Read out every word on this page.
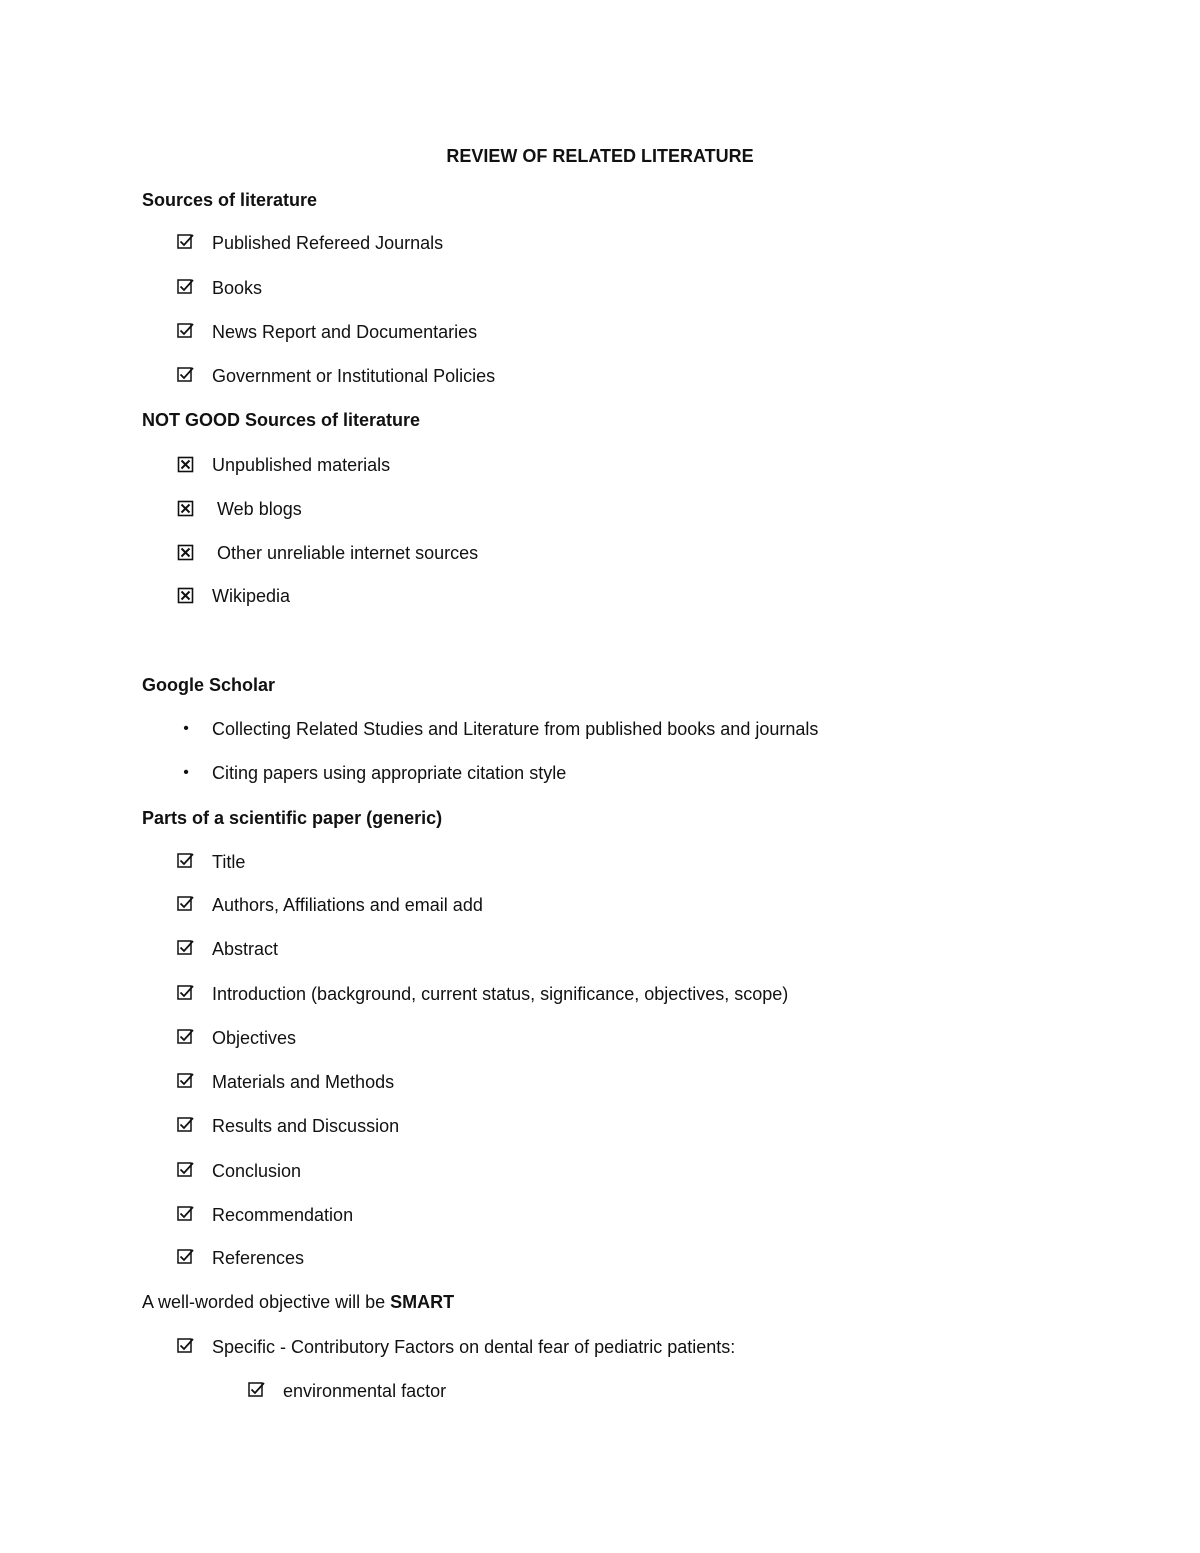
REVIEW OF RELATED LITERATURE
Sources of literature
Published Refereed Journals
Books
News Report and Documentaries
Government or Institutional Policies
NOT GOOD Sources of literature
Unpublished materials
Web blogs
Other unreliable internet sources
Wikipedia
Google Scholar
•	Collecting Related Studies and Literature from published books and journals
•	Citing papers using appropriate citation style
Parts of a scientific paper (generic)
Title
Authors, Affiliations and email add
Abstract
Introduction (background, current status, significance, objectives, scope)
Objectives
Materials and Methods
Results and Discussion
Conclusion
Recommendation
References
A well-worded objective will be SMART
Specific - Contributory Factors on dental fear of pediatric patients:
environmental factor
